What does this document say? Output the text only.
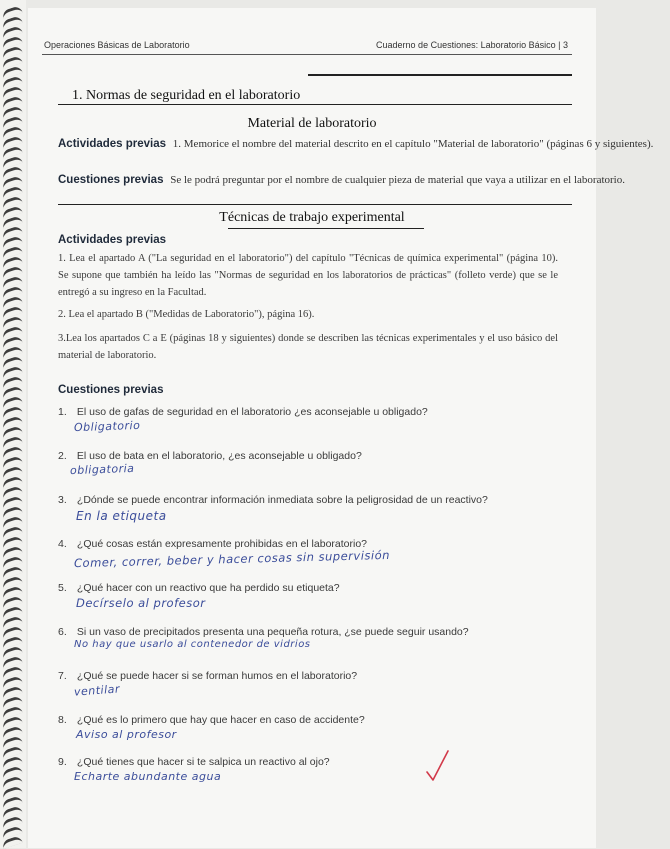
Operaciones Básicas de Laboratorio	Cuaderno de Cuestiones: Laboratorio Básico | 3
1. Normas de seguridad en el laboratorio
Material de laboratorio
Actividades previas 1. Memorice el nombre del material descrito en el capítulo "Material de laboratorio" (páginas 6 y siguientes).
Cuestiones previas Se le podrá preguntar por el nombre de cualquier pieza de material que vaya a utilizar en el laboratorio.
Técnicas de trabajo experimental
Actividades previas
1. Lea el apartado A ("La seguridad en el laboratorio") del capítulo "Técnicas de química experimental" (página 10). Se supone que también ha leído las "Normas de seguridad en los laboratorios de prácticas" (folleto verde) que se le entregó a su ingreso en la Facultad.
2. Lea el apartado B ("Medidas de Laboratorio"), página 16).
3.Lea los apartados C a E (páginas 18 y siguientes) donde se describen las técnicas experimentales y el uso básico del material de laboratorio.
Cuestiones previas
1. El uso de gafas de seguridad en el laboratorio ¿es aconsejable u obligado?
Obligatorio
2. El uso de bata en el laboratorio, ¿es aconsejable u obligado?
obligatoria
3. ¿Dónde se puede encontrar información inmediata sobre la peligrosidad de un reactivo?
En la etiqueta
4. ¿Qué cosas están expresamente prohibidas en el laboratorio?
Comer, correr, beber y hacer cosas sin supervisión
5. ¿Qué hacer con un reactivo que ha perdido su etiqueta?
Decírselo al profesor
6. Si un vaso de precipitados presenta una pequeña rotura, ¿se puede seguir usando?
No hay que usarlo al contenedor de vidrios
7. ¿Qué se puede hacer si se forman humos en el laboratorio?
ventilar
8. ¿Qué es lo primero que hay que hacer en caso de accidente?
Aviso al profesor
9. ¿Qué tienes que hacer si te salpica un reactivo al ojo?
Echarte abundante agua
